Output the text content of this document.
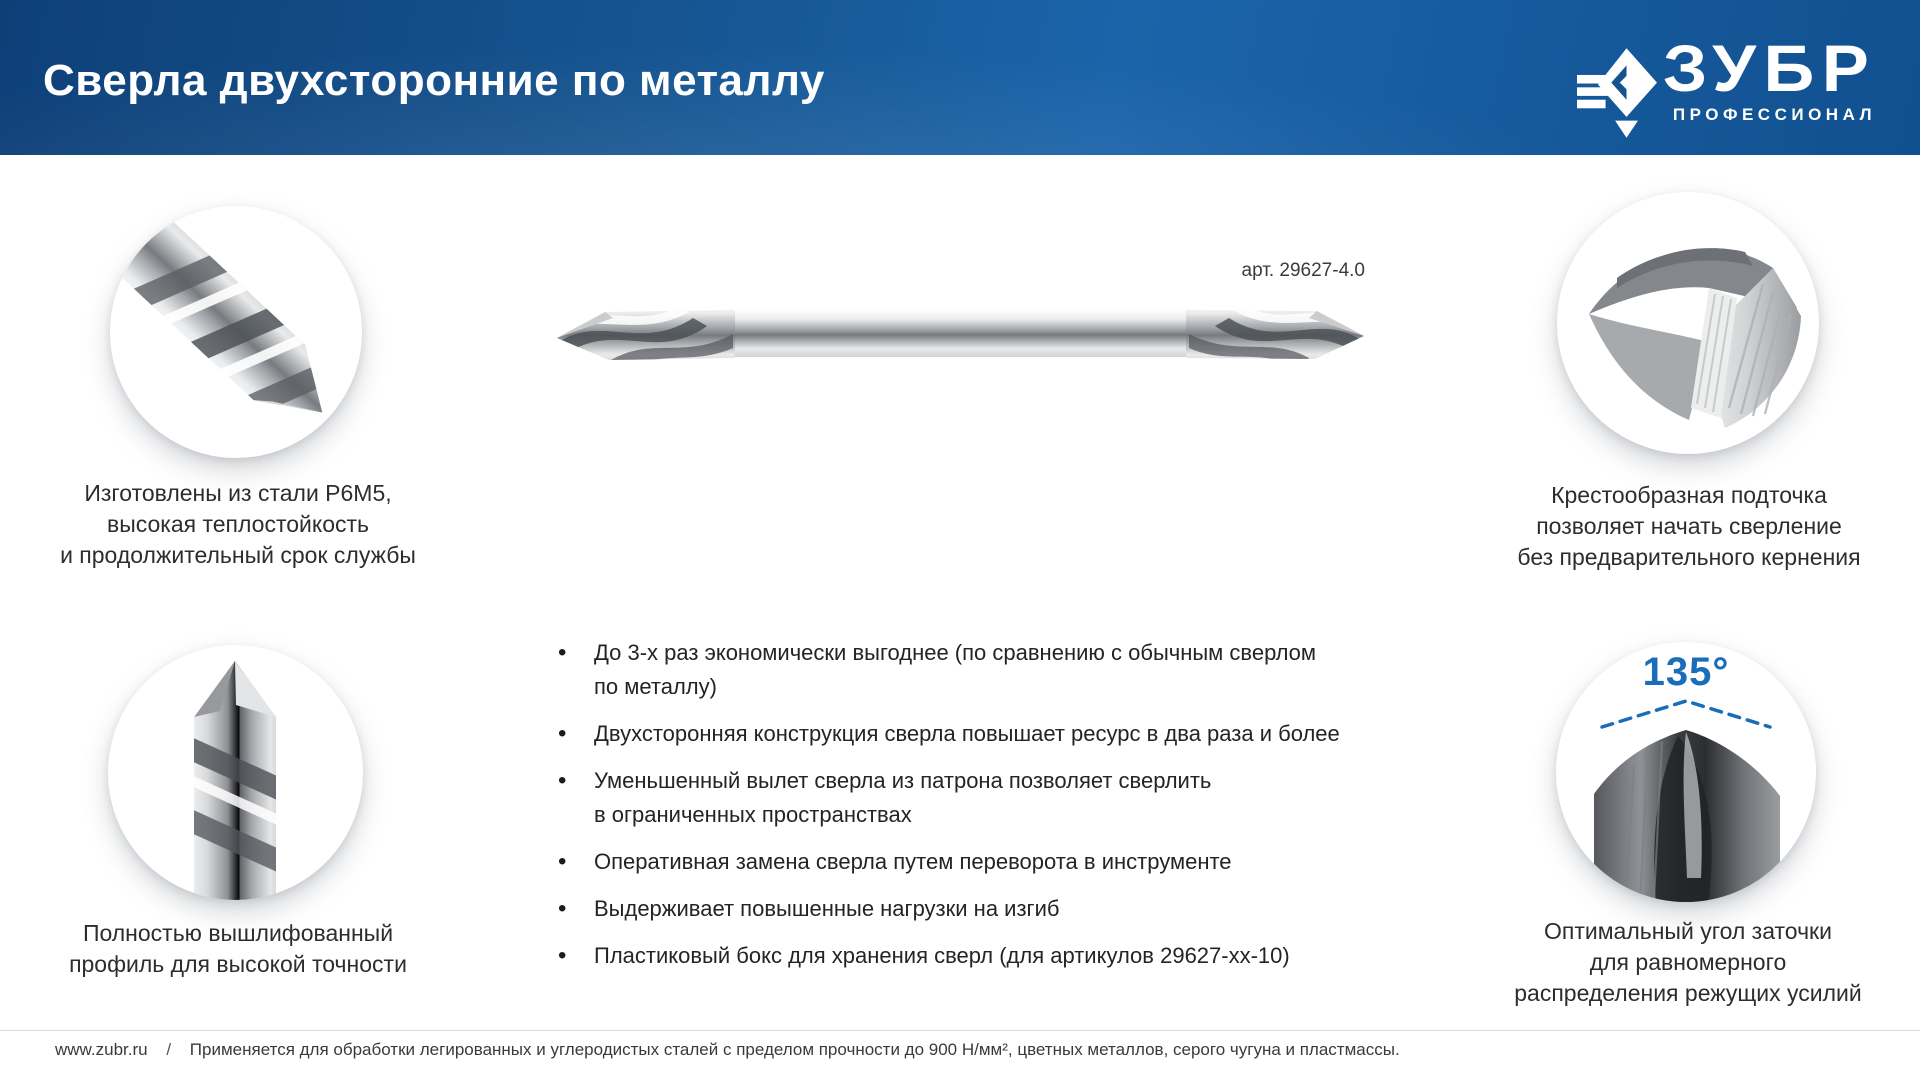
Сверла двухсторонние по металлу	ЗУБР
ПРОФЕССИОНАЛ
Изготовлены из стали Р6М5,
высокая теплостойкость
и продолжительный срок службы
Полностью вышлифованный
профиль для высокой точности
арт. 29627-4.0
• До 3-х раз экономически выгоднее (по сравнению с обычным сверлом
по металлу)
• Двухсторонняя конструкция сверла повышает ресурс в два раза и более
• Уменьшенный вылет сверла из патрона позволяет сверлить
в ограниченных пространствах
• Оперативная замена сверла путем переворота в инструменте
• Выдерживает повышенные нагрузки на изгиб
• Пластиковый бокс для хранения сверл (для артикулов 29627-хх-10)
Крестообразная подточка
позволяет начать сверление
без предварительного кернения
135°
Оптимальный угол заточки
для равномерного
распределения режущих усилий
www.zubr.ru / Применяется для обработки легированных и углеродистых сталей с пределом прочности до 900 Н/мм², цветных металлов, серого чугуна и пластмассы.
